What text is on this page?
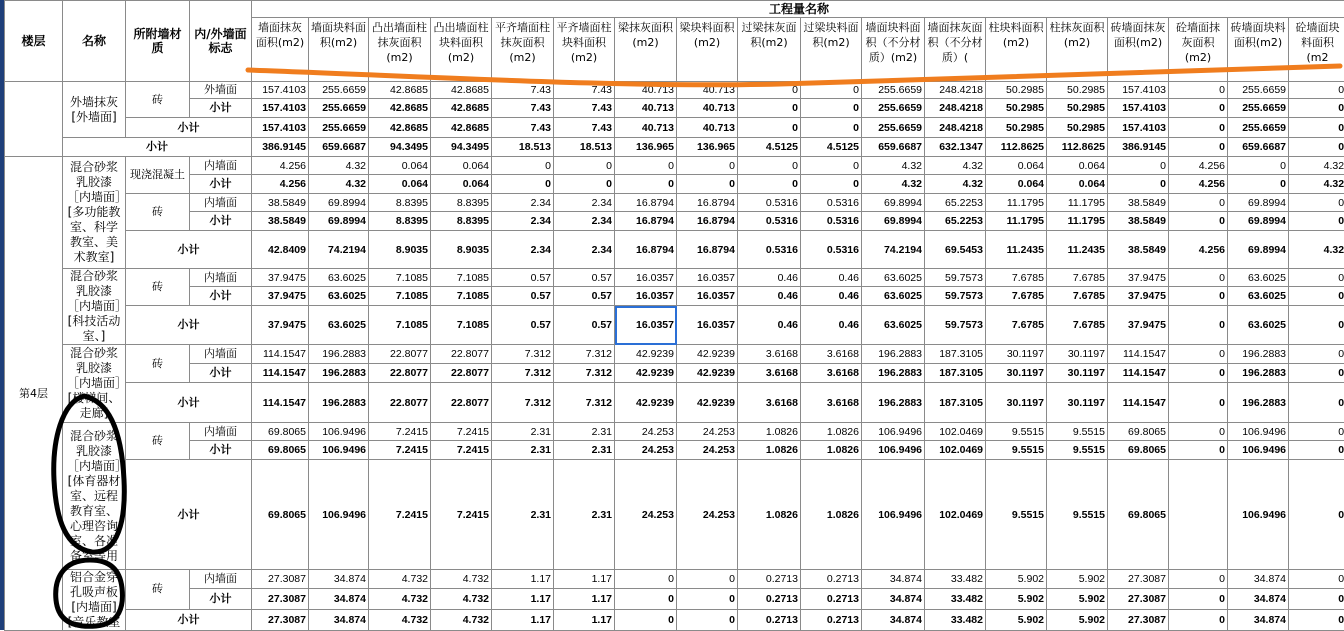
楼层	名称	所附墙材质	内/外墙面标志	工程量名称																	
				墙面抹灰面积(m2)	墙面块料面积(m2)	凸出墙面柱抹灰面积(m2)	凸出墙面柱块料面积(m2)	平齐墙面柱抹灰面积(m2)	平齐墙面柱块料面积(m2)	梁抹灰面积(m2)	梁块料面积(m2)	过梁抹灰面积(m2)	过梁块料面积(m2)	墙面块料面积（不分材质）(m2)	墙面抹灰面积（不分材质）(	柱块料面积(m2)	柱抹灰面积(m2)	砖墙面抹灰面积(m2)	砼墙面抹灰面积(m2)	砖墙面块料面积(m2)	砼墙面块料面积(m2

	外墙抹灰[外墙面]	砖	外墙面	157.4103	255.6659	42.8685	42.8685	7.43	7.43	40.713	40.713	0	0	255.6659	248.4218	50.2985	50.2985	157.4103	0	255.6659	0
			小计	157.4103	255.6659	42.8685	42.8685	7.43	7.43	40.713	40.713	0	0	255.6659	248.4218	50.2985	50.2985	157.4103	0	255.6659	0
		小计		157.4103	255.6659	42.8685	42.8685	7.43	7.43	40.713	40.713	0	0	255.6659	248.4218	50.2985	50.2985	157.4103	0	255.6659	0
	小计			386.9145	659.6687	94.3495	94.3495	18.513	18.513	136.965	136.965	4.5125	4.5125	659.6687	632.1347	112.8625	112.8625	386.9145	0	659.6687	0
第4层	混合砂浆乳胶漆［内墙面］[多功能教室、科学教室、美术教室]	现浇混凝土	内墙面	4.256	4.32	0.064	0.064	0	0	0	0	0	0	4.32	4.32	0.064	0.064	0	4.256	0	4.32
			小计	4.256	4.32	0.064	0.064	0	0	0	0	0	0	4.32	4.32	0.064	0.064	0	4.256	0	4.32
		砖	内墙面	38.5849	69.8994	8.8395	8.8395	2.34	2.34	16.8794	16.8794	0.5316	0.5316	69.8994	65.2253	11.1795	11.1795	38.5849	0	69.8994	0
			小计	38.5849	69.8994	8.8395	8.8395	2.34	2.34	16.8794	16.8794	0.5316	0.5316	69.8994	65.2253	11.1795	11.1795	38.5849	0	69.8994	0
		小计		42.8409	74.2194	8.9035	8.9035	2.34	2.34	16.8794	16.8794	0.5316	0.5316	74.2194	69.5453	11.2435	11.2435	38.5849	4.256	69.8994	4.32
	混合砂浆乳胶漆［内墙面］[科技活动室、]	砖	内墙面	37.9475	63.6025	7.1085	7.1085	0.57	0.57	16.0357	16.0357	0.46	0.46	63.6025	59.7573	7.6785	7.6785	37.9475	0	63.6025	0
			小计	37.9475	63.6025	7.1085	7.1085	0.57	0.57	16.0357	16.0357	0.46	0.46	63.6025	59.7573	7.6785	7.6785	37.9475	0	63.6025	0
		小计		37.9475	63.6025	7.1085	7.1085	0.57	0.57	16.0357	16.0357	0.46	0.46	63.6025	59.7573	7.6785	7.6785	37.9475	0	63.6025	0
	混合砂浆乳胶漆［内墙面］[楼梯间、走廊]	砖	内墙面	114.1547	196.2883	22.8077	22.8077	7.312	7.312	42.9239	42.9239	3.6168	3.6168	196.2883	187.3105	30.1197	30.1197	114.1547	0	196.2883	0
			小计	114.1547	196.2883	22.8077	22.8077	7.312	7.312	42.9239	42.9239	3.6168	3.6168	196.2883	187.3105	30.1197	30.1197	114.1547	0	196.2883	0
		小计		114.1547	196.2883	22.8077	22.8077	7.312	7.312	42.9239	42.9239	3.6168	3.6168	196.2883	187.3105	30.1197	30.1197	114.1547	0	196.2883	0
	混合砂浆乳胶漆［内墙面］[体育器材室、远程教育室、心理咨询室、各准备室等用	砖	内墙面	69.8065	106.9496	7.2415	7.2415	2.31	2.31	24.253	24.253	1.0826	1.0826	106.9496	102.0469	9.5515	9.5515	69.8065	0	106.9496	0
			小计	69.8065	106.9496	7.2415	7.2415	2.31	2.31	24.253	24.253	1.0826	1.0826	106.9496	102.0469	9.5515	9.5515	69.8065	0	106.9496	0
		小计		69.8065	106.9496	7.2415	7.2415	2.31	2.31	24.253	24.253	1.0826	1.0826	106.9496	102.0469	9.5515	9.5515	69.8065		106.9496	0
	铝合金穿孔吸声板[内墙面][音乐教室	砖	内墙面	27.3087	34.874	4.732	4.732	1.17	1.17	0	0	0.2713	0.2713	34.874	33.482	5.902	5.902	27.3087	0	34.874	0
			小计	27.3087	34.874	4.732	4.732	1.17	1.17	0	0	0.2713	0.2713	34.874	33.482	5.902	5.902	27.3087	0	34.874	0
		小计		27.3087	34.874	4.732	4.732	1.17	1.17	0	0	0.2713	0.2713	34.874	33.482	5.902	5.902	27.3087	0	34.874	0
